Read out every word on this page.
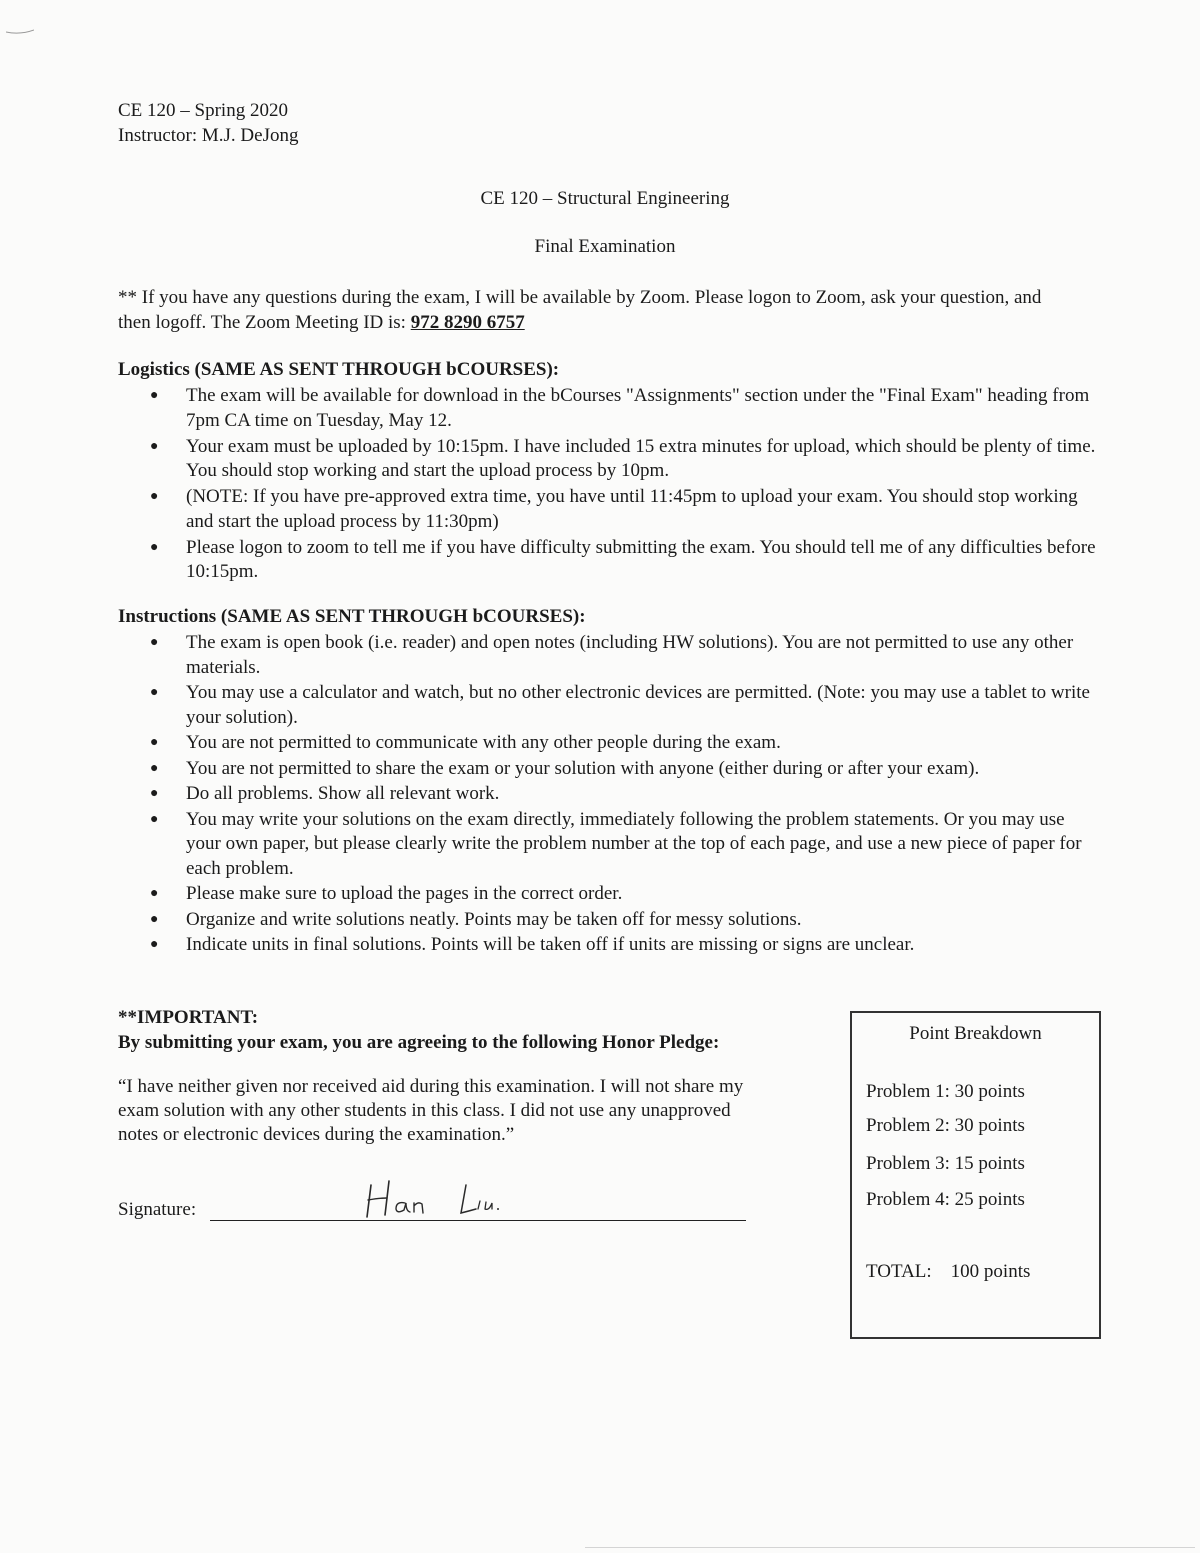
CE 120 – Spring 2020
Instructor: M.J. DeJong
CE 120 – Structural Engineering
Final Examination
** If you have any questions during the exam, I will be available by Zoom. Please logon to Zoom, ask your question, and then logoff. The Zoom Meeting ID is: 972 8290 6757
Logistics (SAME AS SENT THROUGH bCOURSES):
● The exam will be available for download in the bCourses "Assignments" section under the "Final Exam" heading from 7pm CA time on Tuesday, May 12.
● Your exam must be uploaded by 10:15pm. I have included 15 extra minutes for upload, which should be plenty of time. You should stop working and start the upload process by 10pm.
● (NOTE: If you have pre-approved extra time, you have until 11:45pm to upload your exam. You should stop working and start the upload process by 11:30pm)
● Please logon to zoom to tell me if you have difficulty submitting the exam. You should tell me of any difficulties before 10:15pm.
Instructions (SAME AS SENT THROUGH bCOURSES):
● The exam is open book (i.e. reader) and open notes (including HW solutions). You are not permitted to use any other materials.
● You may use a calculator and watch, but no other electronic devices are permitted. (Note: you may use a tablet to write your solution).
● You are not permitted to communicate with any other people during the exam.
● You are not permitted to share the exam or your solution with anyone (either during or after your exam).
● Do all problems. Show all relevant work.
● You may write your solutions on the exam directly, immediately following the problem statements. Or you may use your own paper, but please clearly write the problem number at the top of each page, and use a new piece of paper for each problem.
● Please make sure to upload the pages in the correct order.
● Organize and write solutions neatly. Points may be taken off for messy solutions.
● Indicate units in final solutions. Points will be taken off if units are missing or signs are unclear.
**IMPORTANT:
By submitting your exam, you are agreeing to the following Honor Pledge:
“I have neither given nor received aid during this examination. I will not share my exam solution with any other students in this class. I did not use any unapproved notes or electronic devices during the examination.”
Signature:
Point Breakdown
Problem 1: 30 points
Problem 2: 30 points
Problem 3: 15 points
Problem 4: 25 points
TOTAL:    100 points
